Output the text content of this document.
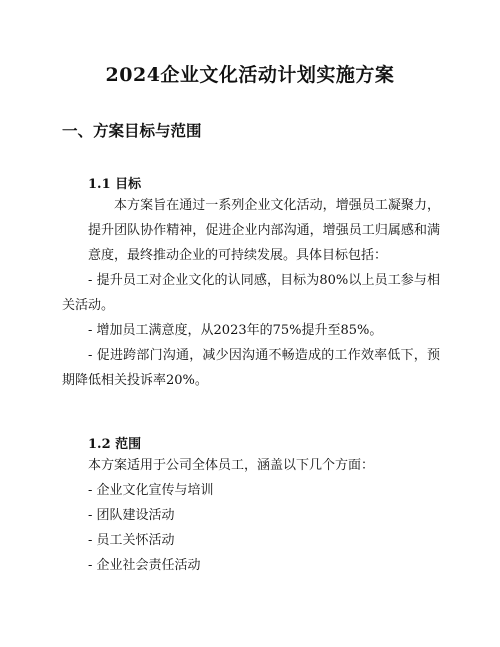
2024企业文化活动计划实施方案
一、方案目标与范围
1.1 目标

本方案旨在通过一系列企业文化活动，增强员工凝聚力，提升团队协作精神，促进企业内部沟通，增强员工归属感和满意度，最终推动企业的可持续发展。具体目标包括：

- 提升员工对企业文化的认同感，目标为80%以上员工参与相关活动。

- 增加员工满意度，从2023年的75%提升至85%。

- 促进跨部门沟通，减少因沟通不畅造成的工作效率低下，预期降低相关投诉率20%。

1.2 范围

本方案适用于公司全体员工，涵盖以下几个方面：

- 企业文化宣传与培训

- 团队建设活动

- 员工关怀活动

- 企业社会责任活动
